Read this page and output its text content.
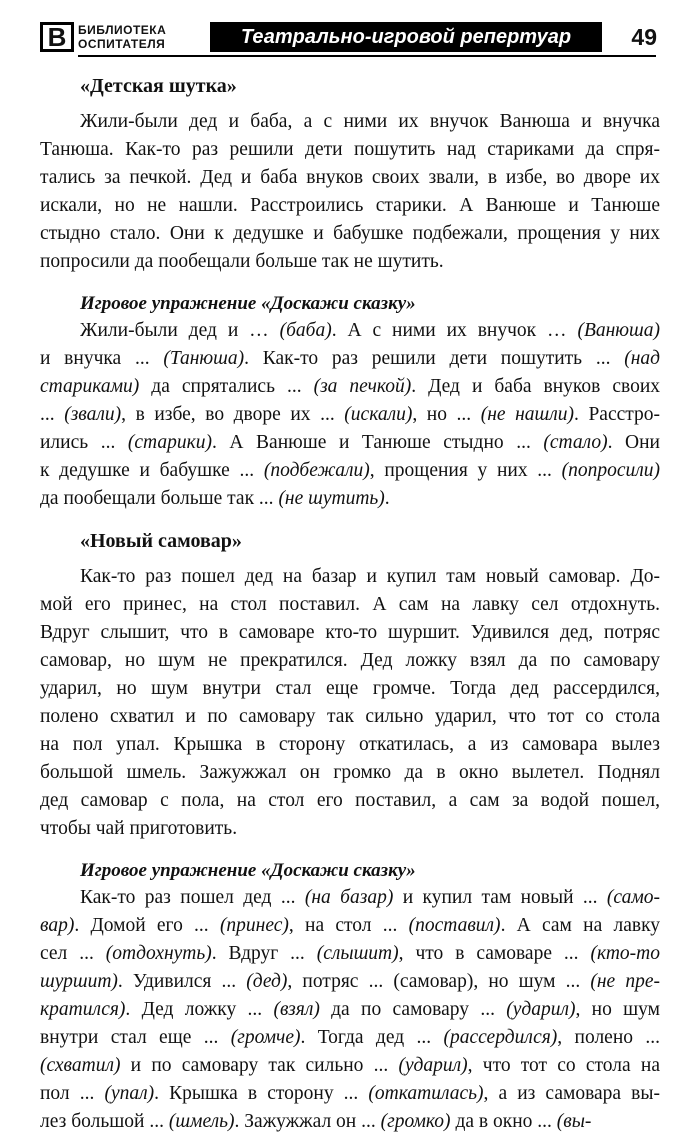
В БИБЛИОТЕКА
ОСПИТАТЕЛЯ	Театрально-игровой репертуар	49

«Детская шутка»

Жили-были дед и баба, а с ними их внучок Ванюша и внучка
Танюша. Как-то раз решили дети пошутить над стариками да спря-
тались за печкой. Дед и баба внуков своих звали, в избе, во дворе их
искали, но не нашли. Расстроились старики. А Ванюше и Танюше
стыдно стало. Они к дедушке и бабушке подбежали, прощения у них
попросили да пообещали больше так не шутить.

Игровое упражнение «Доскажи сказку»

Жили-были дед и … (баба). А с ними их внучок … (Ванюша)
и внучка ... (Танюша). Как-то раз решили дети пошутить ... (над
стариками) да спрятались ... (за печкой). Дед и баба внуков своих
... (звали), в избе, во дворе их ... (искали), но ... (не нашли). Расстро-
ились ... (старики). А Ванюше и Танюше стыдно ... (стало). Они
к дедушке и бабушке ... (подбежали), прощения у них ... (попросили)
да пообещали больше так ... (не шутить).

«Новый самовар»

Как-то раз пошел дед на базар и купил там новый самовар. До-
мой его принес, на стол поставил. А сам на лавку сел отдохнуть.
Вдруг слышит, что в самоваре кто-то шуршит. Удивился дед, потряс
самовар, но шум не прекратился. Дед ложку взял да по самовару
ударил, но шум внутри стал еще громче. Тогда дед рассердился,
полено схватил и по самовару так сильно ударил, что тот со стола
на пол упал. Крышка в сторону откатилась, а из самовара вылез
большой шмель. Зажужжал он громко да в окно вылетел. Поднял
дед самовар с пола, на стол его поставил, а сам за водой пошел,
чтобы чай приготовить.

Игровое упражнение «Доскажи сказку»

Как-то раз пошел дед ... (на базар) и купил там новый ... (само-
вар). Домой его ... (принес), на стол ... (поставил). А сам на лавку
сел ... (отдохнуть). Вдруг ... (слышит), что в самоваре ... (кто-то
шуршит). Удивился ... (дед), потряс ... (самовар), но шум ... (не пре-
кратился). Дед ложку ... (взял) да по самовару ... (ударил), но шум
внутри стал еще ... (громче). Тогда дед ... (рассердился), полено ...
(схватил) и по самовару так сильно ... (ударил), что тот со стола на
пол ... (упал). Крышка в сторону ... (откатилась), а из самовара вы-
лез большой ... (шмель). Зажужжал он ... (громко) да в окно ... (вы-
